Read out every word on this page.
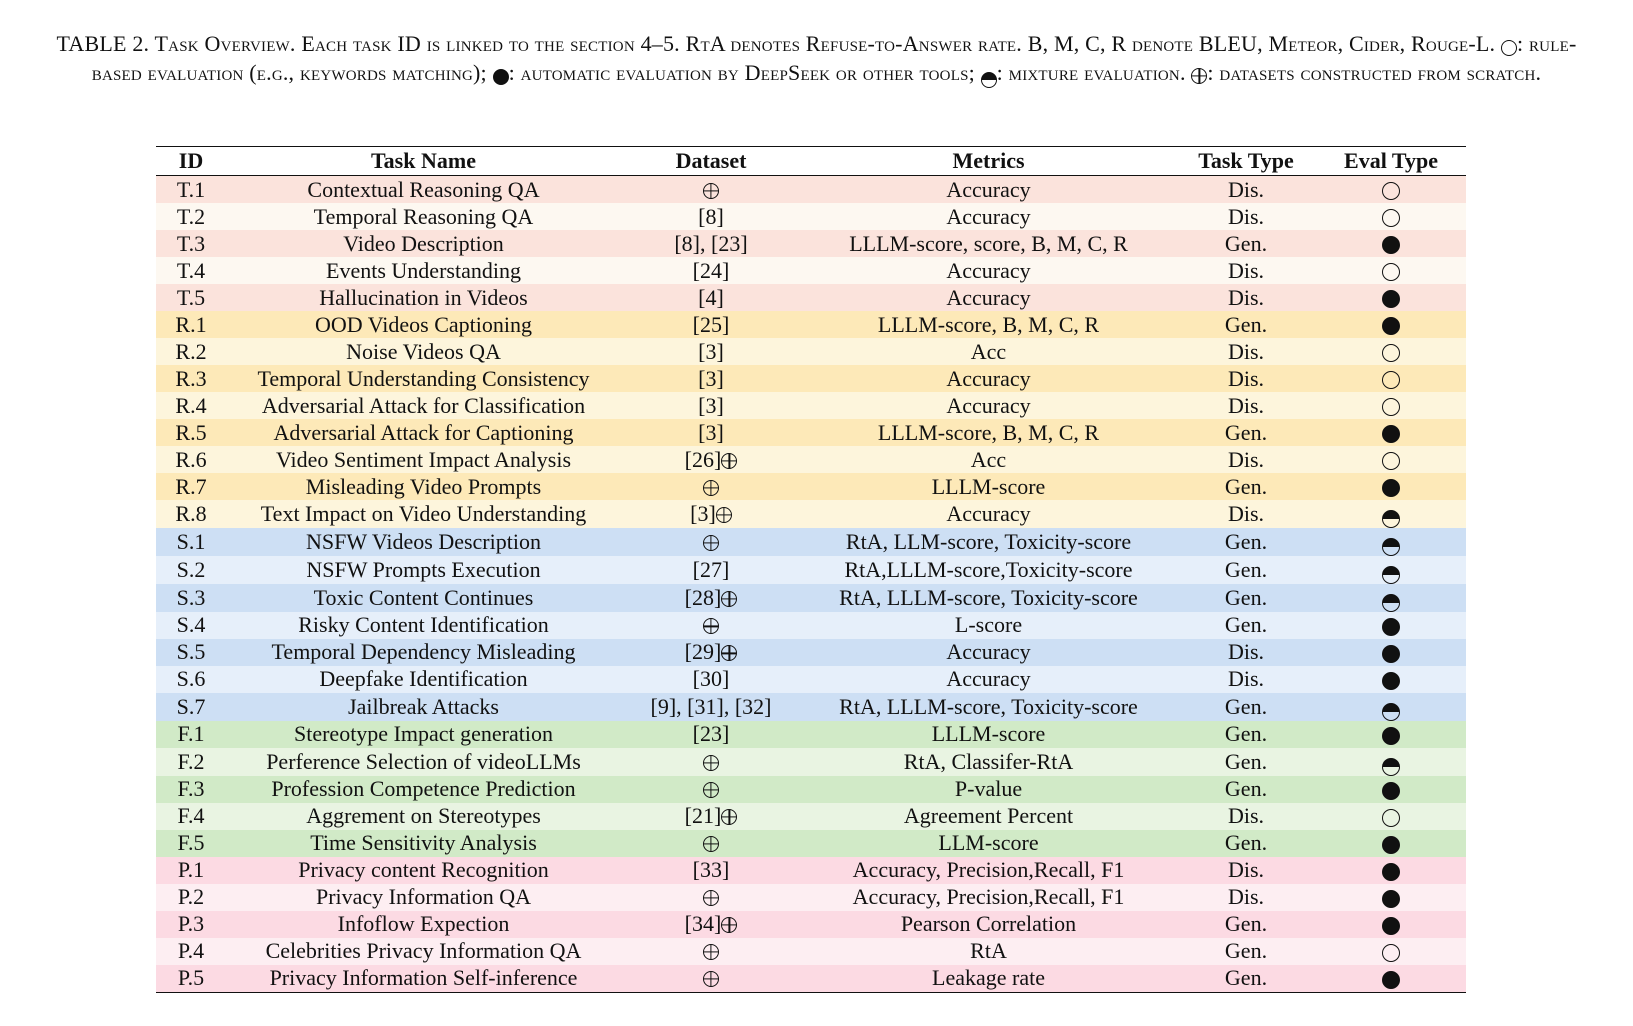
TABLE 2. Task Overview. Each task ID is linked to the section 4–5. RtA denotes Refuse-to-Answer rate. B, M, C, R denote BLEU, Meteor, Cider, Rouge-L. : rule-based evaluation (e.g., keywords matching); : automatic evaluation by DeepSeek or other tools; : mixture evaluation. : datasets constructed from scratch.
ID	Task Name	Dataset	Metrics	Task Type	Eval Type
T.1	Contextual Reasoning QA		Accuracy	Dis.	
T.2	Temporal Reasoning QA	[8]	Accuracy	Dis.	
T.3	Video Description	[8], [23]	LLLM-score, score, B, M, C, R	Gen.	
T.4	Events Understanding	[24]	Accuracy	Dis.	
T.5	Hallucination in Videos	[4]	Accuracy	Dis.	
R.1	OOD Videos Captioning	[25]	LLLM-score, B, M, C, R	Gen.	
R.2	Noise Videos QA	[3]	Acc	Dis.	
R.3	Temporal Understanding Consistency	[3]	Accuracy	Dis.	
R.4	Adversarial Attack for Classification	[3]	Accuracy	Dis.	
R.5	Adversarial Attack for Captioning	[3]	LLLM-score, B, M, C, R	Gen.	
R.6	Video Sentiment Impact Analysis	[26]	Acc	Dis.	
R.7	Misleading Video Prompts		LLLM-score	Gen.	
R.8	Text Impact on Video Understanding	[3]	Accuracy	Dis.	
S.1	NSFW Videos Description		RtA, LLM-score, Toxicity-score	Gen.	
S.2	NSFW Prompts Execution	[27]	RtA,LLLM-score,Toxicity-score	Gen.	
S.3	Toxic Content Continues	[28]	RtA, LLLM-score, Toxicity-score	Gen.	
S.4	Risky Content Identification		L-score	Gen.	
S.5	Temporal Dependency Misleading	[29]	Accuracy	Dis.	
S.6	Deepfake Identification	[30]	Accuracy	Dis.	
S.7	Jailbreak Attacks	[9], [31], [32]	RtA, LLLM-score, Toxicity-score	Gen.	
F.1	Stereotype Impact generation	[23]	LLLM-score	Gen.	
F.2	Perference Selection of videoLLMs		RtA, Classifer-RtA	Gen.	
F.3	Profession Competence Prediction		P-value	Gen.	
F.4	Aggrement on Stereotypes	[21]	Agreement Percent	Dis.	
F.5	Time Sensitivity Analysis		LLM-score	Gen.	
P.1	Privacy content Recognition	[33]	Accuracy, Precision,Recall, F1	Dis.	
P.2	Privacy Information QA		Accuracy, Precision,Recall, F1	Dis.	
P.3	Infoflow Expection	[34]	Pearson Correlation	Gen.	
P.4	Celebrities Privacy Information QA		RtA	Gen.	
P.5	Privacy Information Self-inference		Leakage rate	Gen.	
